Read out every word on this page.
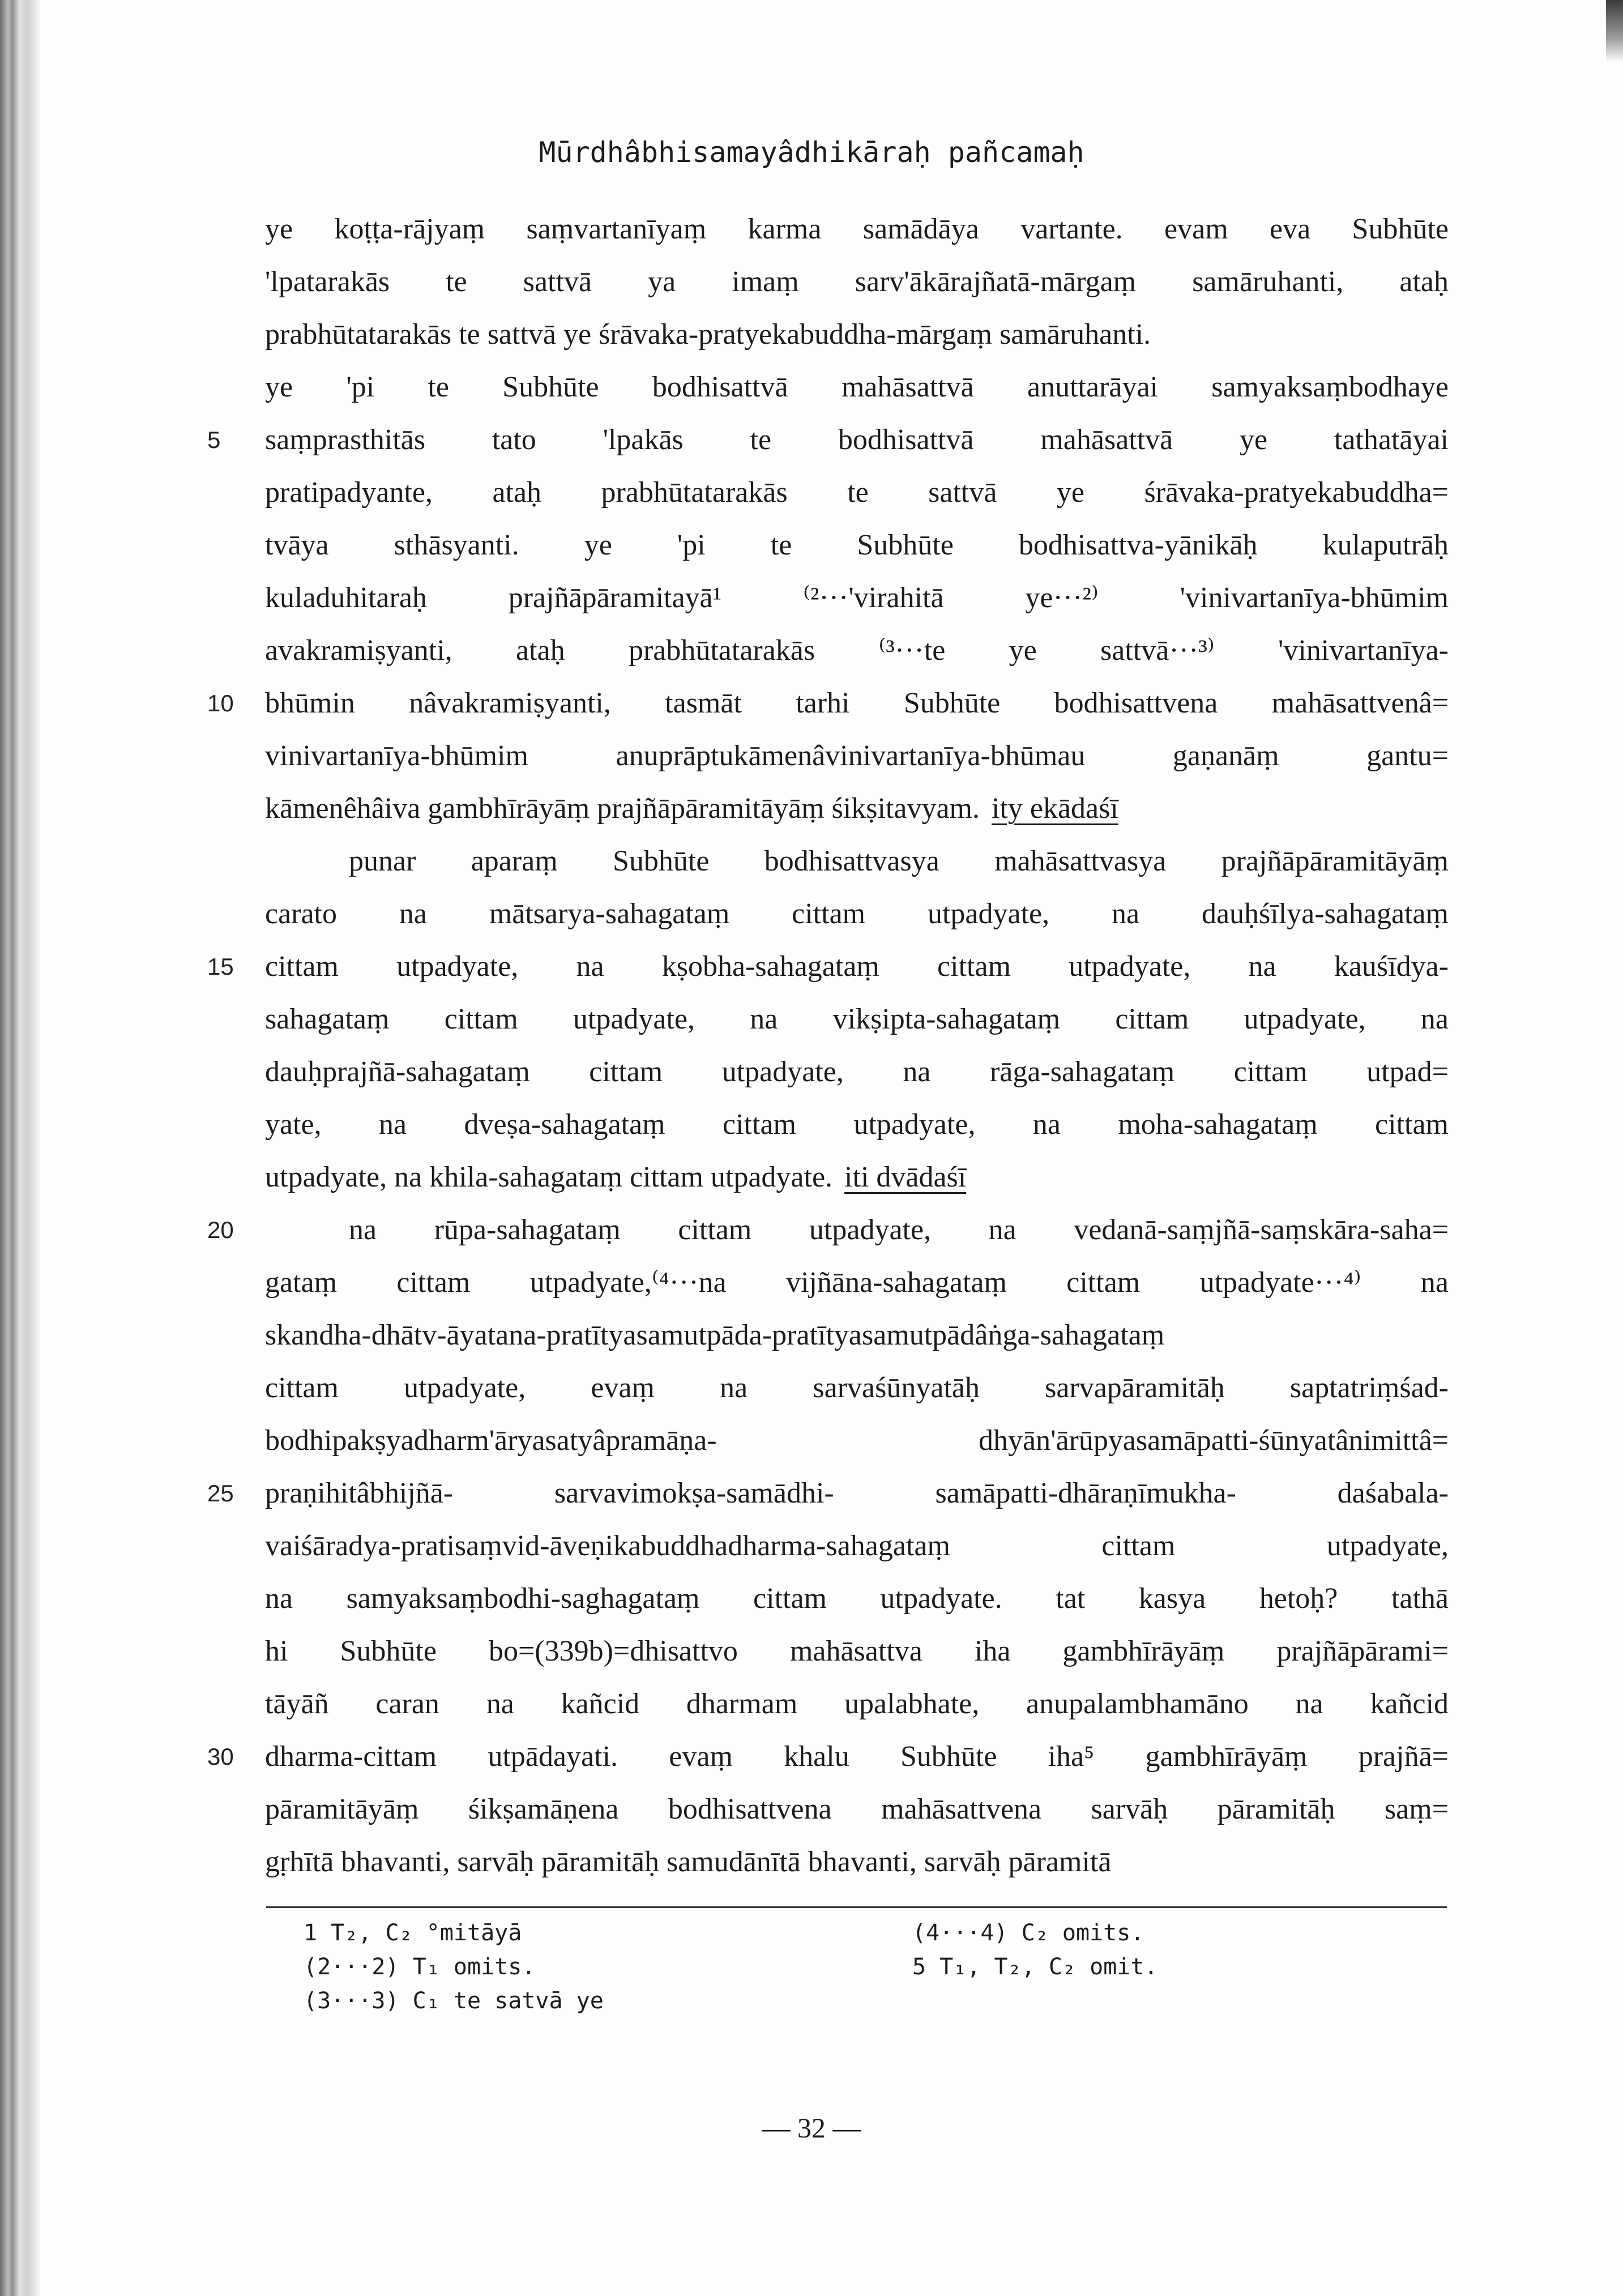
Mūrdhâbhisamayâdhikāraḥ pañcamaḥ
ye koṭṭa-rājyaṃ saṃvartanīyaṃ karma samādāya vartante. evam eva Subhūte
'lpatarakās te sattvā ya imaṃ sarv'ākārajñatā-mārgaṃ samāruhanti, ataḥ
prabhūtatarakās te sattvā ye śrāvaka-pratyekabuddha-mārgaṃ samāruhanti.
ye 'pi te Subhūte bodhisattvā mahāsattvā anuttarāyai samyaksaṃbodhaye
saṃprasthitās tato 'lpakās te bodhisattvā mahāsattvā ye tathatāyai
5
pratipadyante, ataḥ prabhūtatarakās te sattvā ye śrāvaka-pratyekabuddha=
tvāya sthāsyanti. ye 'pi te Subhūte bodhisattva-yānikāḥ kulaputrāḥ
kuladuhitaraḥ prajñāpāramitayā¹ ⁽²···'virahitā ye···²⁾ 'vinivartanīya-bhūmim
avakramiṣyanti, ataḥ prabhūtatarakās ⁽³···te ye sattvā···³⁾ 'vinivartanīya-
bhūmin nâvakramiṣyanti, tasmāt tarhi Subhūte bodhisattvena mahāsattvenâ=
10
vinivartanīya-bhūmim anuprāptukāmenâvinivartanīya-bhūmau gaṇanāṃ gantu=
kāmenêhâiva gambhīrāyāṃ prajñāpāramitāyāṃ śikṣitavyam. ity ekādaśī
punar aparaṃ Subhūte bodhisattvasya mahāsattvasya prajñāpāramitāyāṃ
carato na mātsarya-sahagataṃ cittam utpadyate, na dauḥśīlya-sahagataṃ
cittam utpadyate, na kṣobha-sahagataṃ cittam utpadyate, na kauśīdya-
15
sahagataṃ cittam utpadyate, na vikṣipta-sahagataṃ cittam utpadyate, na
dauḥprajñā-sahagataṃ cittam utpadyate, na rāga-sahagataṃ cittam utpad=
yate, na dveṣa-sahagataṃ cittam utpadyate, na moha-sahagataṃ cittam
utpadyate, na khila-sahagataṃ cittam utpadyate. iti dvādaśī
na rūpa-sahagataṃ cittam utpadyate, na vedanā-saṃjñā-saṃskāra-saha=
20
gataṃ cittam utpadyate,⁽⁴···na vijñāna-sahagataṃ cittam utpadyate···⁴⁾ na
skandha-dhātv-āyatana-pratītyasamutpāda-pratītyasamutpādâṅga-sahagataṃ
cittam utpadyate, evaṃ na sarvaśūnyatāḥ sarvapāramitāḥ saptatriṃśad-
bodhipakṣyadharm'āryasatyâpramāṇa- dhyān'ārūpyasamāpatti-śūnyatânimittâ=
praṇihitâbhijñā- sarvavimokṣa-samādhi- samāpatti-dhāraṇīmukha- daśabala-
25
vaiśāradya-pratisaṃvid-āveṇikabuddhadharma-sahagataṃ cittam utpadyate,
na samyaksaṃbodhi-saghagataṃ cittam utpadyate. tat kasya hetoḥ? tathā
hi Subhūte bo=(339b)=dhisattvo mahāsattva iha gambhīrāyāṃ prajñāpārami=
tāyāñ caran na kañcid dharmam upalabhate, anupalambhamāno na kañcid
dharma-cittam utpādayati. evaṃ khalu Subhūte iha⁵ gambhīrāyāṃ prajñā=
30
pāramitāyāṃ śikṣamāṇena bodhisattvena mahāsattvena sarvāḥ pāramitāḥ saṃ=
gṛhītā bhavanti, sarvāḥ pāramitāḥ samudānītā bhavanti, sarvāḥ pāramitā
1 T₂, C₂ °mitāyā
(2···2) T₁ omits.
(3···3) C₁ te satvā ye
(4···4) C₂ omits.
5 T₁, T₂, C₂ omit.
— 32 —
